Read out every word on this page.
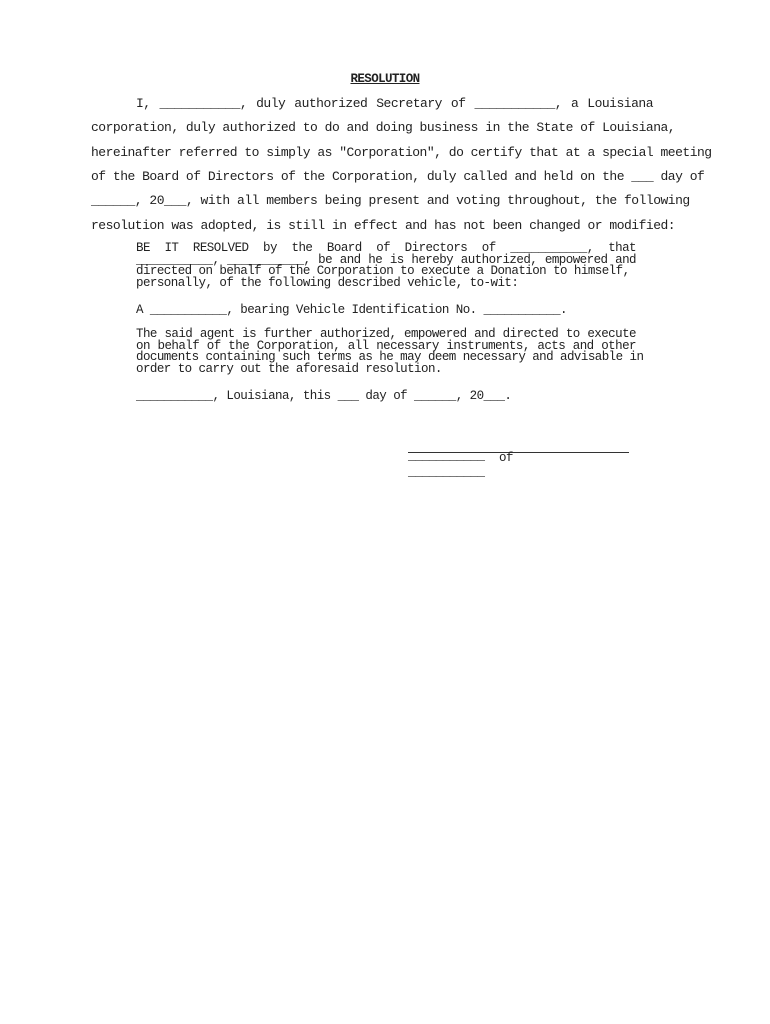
RESOLUTION
I, ___________, duly authorized Secretary of ___________, a Louisiana
corporation, duly authorized to do and doing business in the State of Louisiana,
hereinafter referred to simply as "Corporation", do certify that at a special meeting
of the Board of Directors of the Corporation, duly called and held on the ___ day of
______, 20___, with all members being present and voting throughout, the following
resolution was adopted, is still in effect and has not been changed or modified:
BE IT RESOLVED by the Board of Directors of ___________, that
___________, ___________, be and he is hereby authorized, empowered and
directed on behalf of the Corporation to execute a Donation to himself,
personally, of the following described vehicle, to-wit:
A ___________, bearing Vehicle Identification No. ___________.
The said agent is further authorized, empowered and directed to execute
on behalf of the Corporation, all necessary instruments, acts and other
documents containing such terms as he may deem necessary and advisable in
order to carry out the aforesaid resolution.
___________, Louisiana, this ___ day of ______, 20___.
___________ of
___________
